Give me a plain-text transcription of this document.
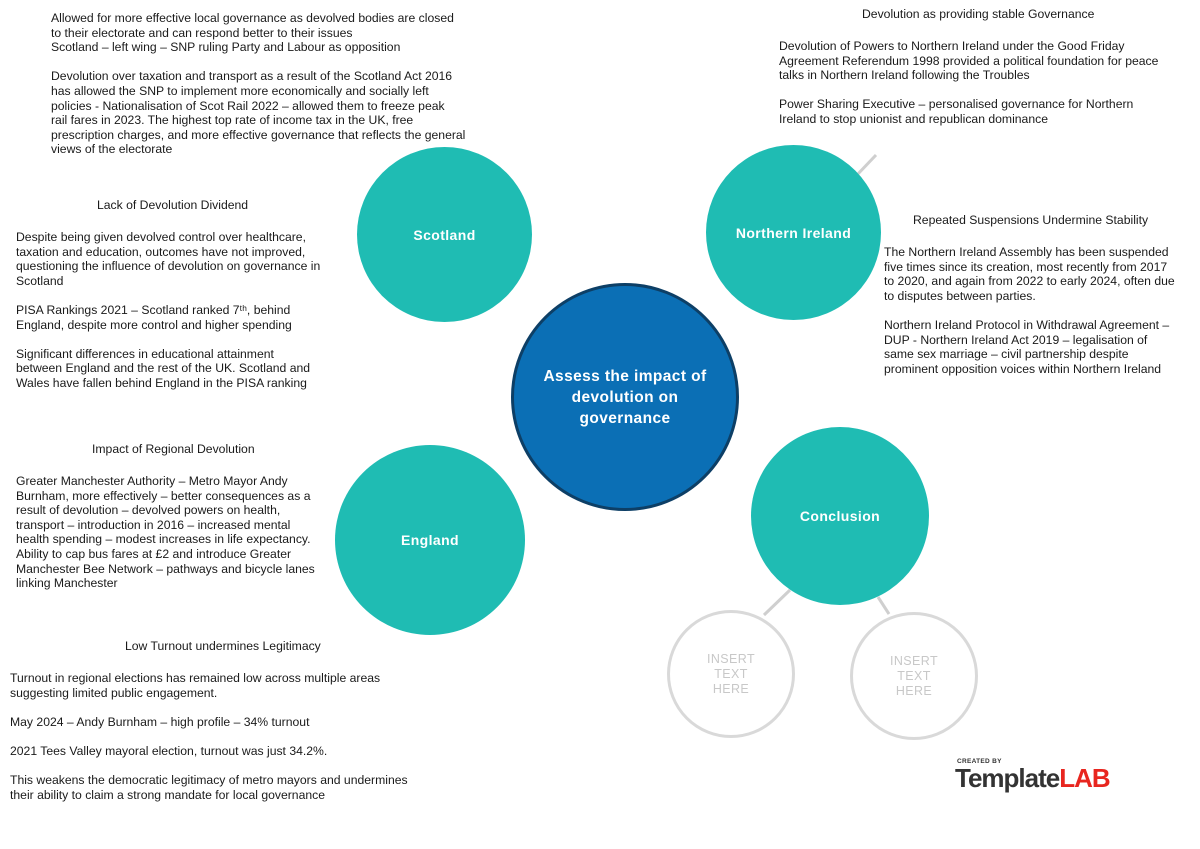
Scotland	Northern Ireland
Assess the impact of devolution on governance
England
Conclusion
INSERT
TEXT
HERE
INSERT
TEXT
HERE

Allowed for more effective local governance as devolved bodies are closed
to their electorate and can respond better to their issues
Scotland – left wing – SNP ruling Party and Labour as opposition

Devolution over taxation and transport as a result of the Scotland Act 2016
has allowed the SNP to implement more economically and socially left
policies - Nationalisation of Scot Rail 2022 – allowed them to freeze peak
rail fares in 2023. The highest top rate of income tax in the UK, free
prescription charges, and more effective governance that reflects the general
views of the electorate

Lack of Devolution Dividend

Despite being given devolved control over healthcare,
taxation and education, outcomes have not improved,
questioning the influence of devolution on governance in
Scotland

PISA Rankings 2021 – Scotland ranked 7ᵗʰ, behind
England, despite more control and higher spending

Significant differences in educational attainment
between England and the rest of the UK. Scotland and
Wales have fallen behind England in the PISA ranking

Impact of Regional Devolution

Greater Manchester Authority – Metro Mayor Andy
Burnham, more effectively – better consequences as a
result of devolution – devolved powers on health,
transport – introduction in 2016 – increased mental
health spending – modest increases in life expectancy.
Ability to cap bus fares at £2 and introduce Greater
Manchester Bee Network – pathways and bicycle lanes
linking Manchester

Low Turnout undermines Legitimacy

Turnout in regional elections has remained low across multiple areas
suggesting limited public engagement.

May 2024 – Andy Burnham – high profile – 34% turnout

2021 Tees Valley mayoral election, turnout was just 34.2%.

This weakens the democratic legitimacy of metro mayors and undermines
their ability to claim a strong mandate for local governance

Devolution as providing stable Governance

Devolution of Powers to Northern Ireland under the Good Friday
Agreement Referendum 1998 provided a political foundation for peace
talks in Northern Ireland following the Troubles

Power Sharing Executive – personalised governance for Northern
Ireland to stop unionist and republican dominance

Repeated Suspensions Undermine Stability

The Northern Ireland Assembly has been suspended
five times since its creation, most recently from 2017
to 2020, and again from 2022 to early 2024, often due
to disputes between parties.

Northern Ireland Protocol in Withdrawal Agreement –
DUP - Northern Ireland Act 2019 – legalisation of
same sex marriage – civil partnership despite
prominent opposition voices within Northern Ireland

CREATED BY
TemplateLAB
